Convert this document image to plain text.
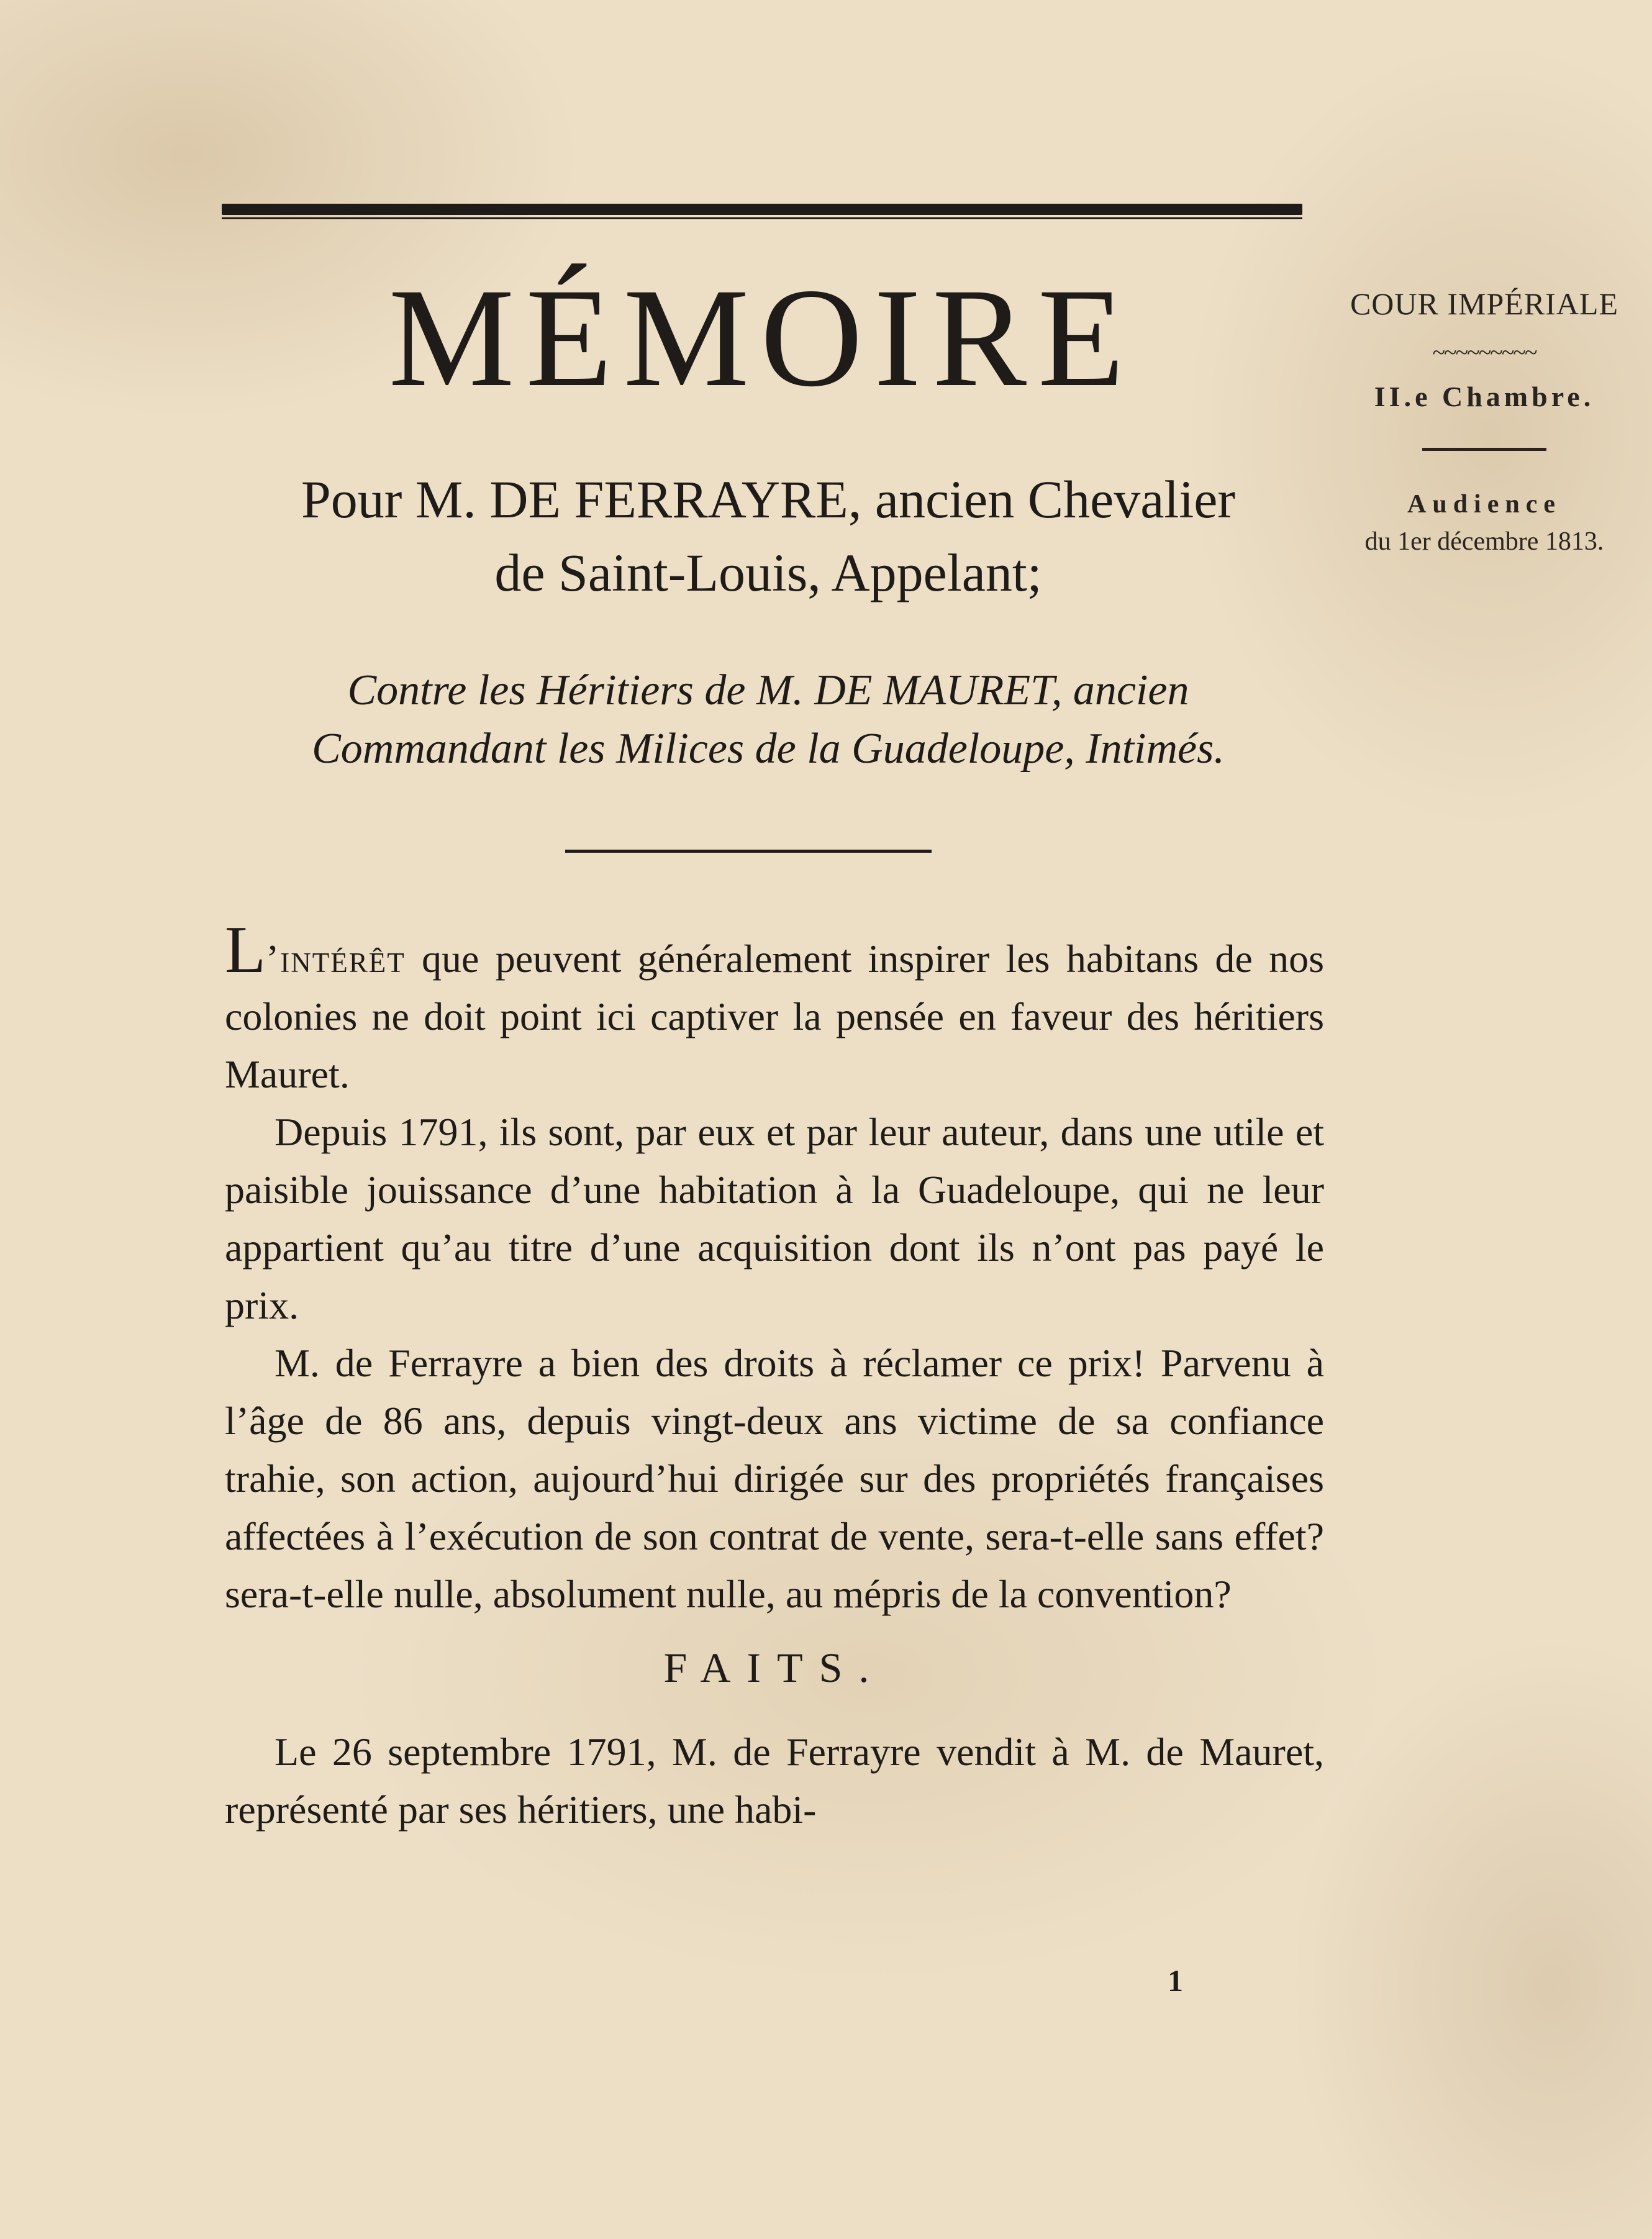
MÉMOIRE	COUR IMPÉRIALE
~~~~~~~~~
II.e Chambre.
Audience
du 1er décembre 1813.
Pour M. DE FERRAYRE, ancien Chevalier
de Saint-Louis, Appelant;
Contre les Héritiers de M. DE MAURET, ancien
Commandant les Milices de la Guadeloupe, Intimés.

L’intérêt que peuvent généralement inspirer les habitans de nos colonies ne doit point ici captiver la pensée en faveur des héritiers Mauret.

Depuis 1791, ils sont, par eux et par leur auteur, dans une utile et paisible jouissance d’une habitation à la Guadeloupe, qui ne leur appartient qu’au titre d’une acquisition dont ils n’ont pas payé le prix.

M. de Ferrayre a bien des droits à réclamer ce prix! Parvenu à l’âge de 86 ans, depuis vingt-deux ans victime de sa confiance trahie, son action, aujourd’hui dirigée sur des propriétés françaises affectées à l’exécution de son contrat de vente, sera-t-elle sans effet? sera-t-elle nulle, absolument nulle, au mépris de la convention?

FAITS.

Le 26 septembre 1791, M. de Ferrayre vendit à M. de Mauret, représenté par ses héritiers, une habi-

1
